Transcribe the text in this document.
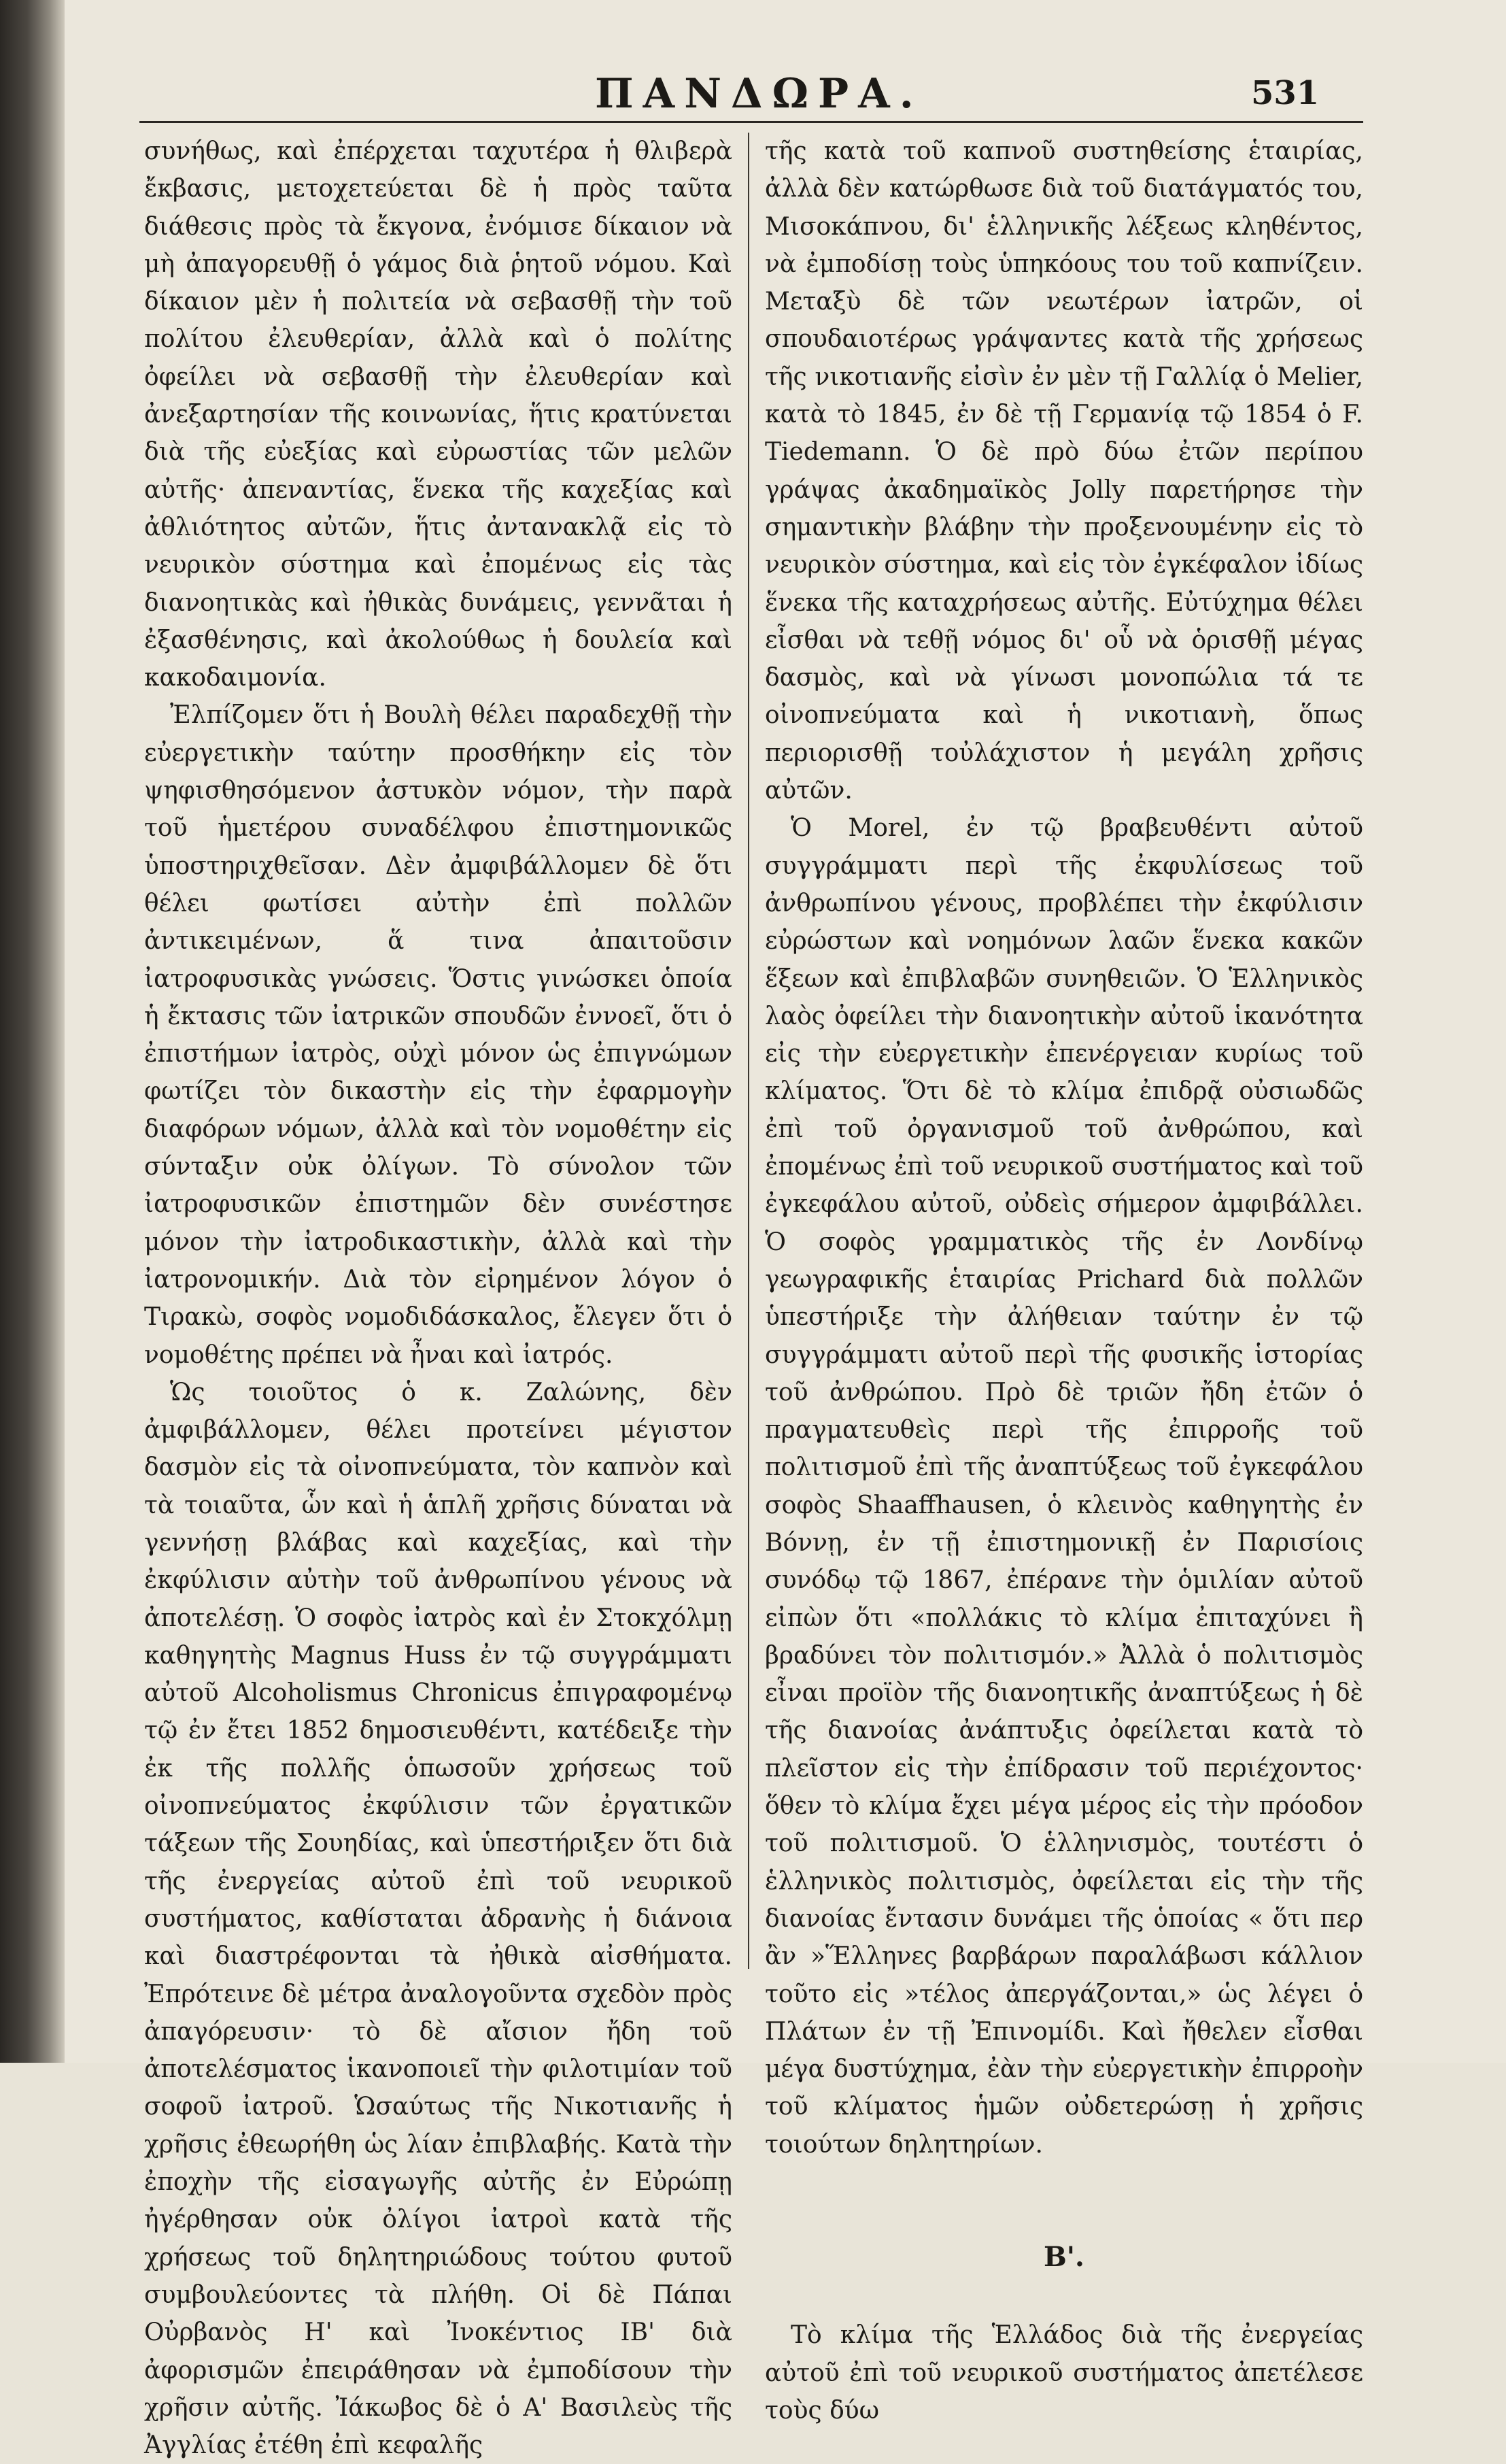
ΠΑΝΔΩΡΑ.	531

συνήθως, καὶ ἐπέρχεται ταχυτέρα ἡ θλιβερὰ ἔκβασις, μετοχετεύεται δὲ ἡ πρὸς ταῦτα διάθεσις πρὸς τὰ ἔκγονα, ἐνόμισε δίκαιον νὰ μὴ ἀπαγορευθῇ ὁ γάμος διὰ ῥητοῦ νόμου. Καὶ δίκαιον μὲν ἡ πολιτεία νὰ σεβασθῇ τὴν τοῦ πολίτου ἐλευθερίαν, ἀλλὰ καὶ ὁ πολίτης ὀφείλει νὰ σεβασθῇ τὴν ἐλευθερίαν καὶ ἀνεξαρτησίαν τῆς κοινωνίας, ἥτις κρατύνεται διὰ τῆς εὐεξίας καὶ εὐρωστίας τῶν μελῶν αὐτῆς· ἀπεναντίας, ἕνεκα τῆς καχεξίας καὶ ἀθλιότητος αὐτῶν, ἥτις ἀντανακλᾷ εἰς τὸ νευρικὸν σύστημα καὶ ἐπομένως εἰς τὰς διανοητικὰς καὶ ἠθικὰς δυνάμεις, γεννᾶται ἡ ἐξασθένησις, καὶ ἀκολούθως ἡ δουλεία καὶ κακοδαιμονία.

Ἐλπίζομεν ὅτι ἡ Βουλὴ θέλει παραδεχθῇ τὴν εὐεργετικὴν ταύτην προσθήκην εἰς τὸν ψηφισθησόμενον ἀστυκὸν νόμον, τὴν παρὰ τοῦ ἡμετέρου συναδέλφου ἐπιστημονικῶς ὑποστηριχθεῖσαν. Δὲν ἀμφιβάλλομεν δὲ ὅτι θέλει φωτίσει αὐτὴν ἐπὶ πολλῶν ἀντικειμένων, ἅ τινα ἀπαιτοῦσιν ἰατροφυσικὰς γνώσεις. Ὅστις γινώσκει ὁποία ἡ ἔκτασις τῶν ἰατρικῶν σπουδῶν ἐννοεῖ, ὅτι ὁ ἐπιστήμων ἰατρὸς, οὐχὶ μόνον ὡς ἐπιγνώμων φωτίζει τὸν δικαστὴν εἰς τὴν ἐφαρμογὴν διαφόρων νόμων, ἀλλὰ καὶ τὸν νομοθέτην εἰς σύνταξιν οὐκ ὀλίγων. Τὸ σύνολον τῶν ἰατροφυσικῶν ἐπιστημῶν δὲν συνέστησε μόνον τὴν ἰατροδικαστικὴν, ἀλλὰ καὶ τὴν ἰατρονομικήν. Διὰ τὸν εἰρημένον λόγον ὁ Τιρακὼ, σοφὸς νομοδιδάσκαλος, ἔλεγεν ὅτι ὁ νομοθέτης πρέπει νὰ ἦναι καὶ ἰατρός.

Ὡς τοιοῦτος ὁ κ. Ζαλώνης, δὲν ἀμφιβάλλομεν, θέλει προτείνει μέγιστον δασμὸν εἰς τὰ οἰνοπνεύματα, τὸν καπνὸν καὶ τὰ τοιαῦτα, ὧν καὶ ἡ ἁπλῆ χρῆσις δύναται νὰ γεννήσῃ βλάβας καὶ καχεξίας, καὶ τὴν ἐκφύλισιν αὐτὴν τοῦ ἀνθρωπίνου γένους νὰ ἀποτελέσῃ. Ὁ σοφὸς ἰατρὸς καὶ ἐν Στοκχόλμῃ καθηγητὴς Magnus Huss ἐν τῷ συγγράμματι αὐτοῦ Alcoholismus Chronicus ἐπιγραφομένῳ τῷ ἐν ἔτει 1852 δημοσιευθέντι, κατέδειξε τὴν ἐκ τῆς πολλῆς ὁπωσοῦν χρήσεως τοῦ οἰνοπνεύματος ἐκφύλισιν τῶν ἐργατικῶν τάξεων τῆς Σουηδίας, καὶ ὑπεστήριξεν ὅτι διὰ τῆς ἐνεργείας αὐτοῦ ἐπὶ τοῦ νευρικοῦ συστήματος, καθίσταται ἀδρανὴς ἡ διάνοια καὶ διαστρέφονται τὰ ἠθικὰ αἰσθήματα. Ἐπρότεινε δὲ μέτρα ἀναλογοῦντα σχεδὸν πρὸς ἀπαγόρευσιν· τὸ δὲ αἴσιον ἤδη τοῦ ἀποτελέσματος ἱκανοποιεῖ τὴν φιλοτιμίαν τοῦ σοφοῦ ἰατροῦ. Ὡσαύτως τῆς Νικοτιανῆς ἡ χρῆσις ἐθεωρήθη ὡς λίαν ἐπιβλαβής. Κατὰ τὴν ἐποχὴν τῆς εἰσαγωγῆς αὐτῆς ἐν Εὐρώπῃ ἠγέρθησαν οὐκ ὀλίγοι ἰατροὶ κατὰ τῆς χρήσεως τοῦ δηλητηριώδους τούτου φυτοῦ συμβουλεύοντες τὰ πλήθη. Οἱ δὲ Πάπαι Οὐρβανὸς Η' καὶ Ἰνοκέντιος ΙΒ' διὰ ἀφορισμῶν ἐπειράθησαν νὰ ἐμποδίσουν τὴν χρῆσιν αὐτῆς. Ἰάκωβος δὲ ὁ Α' Βασιλεὺς τῆς Ἀγγλίας ἐτέθη ἐπὶ κεφαλῆς

τῆς κατὰ τοῦ καπνοῦ συστηθείσης ἑταιρίας, ἀλλὰ δὲν κατώρθωσε διὰ τοῦ διατάγματός του, Μισοκάπνου, δι' ἑλληνικῆς λέξεως κληθέντος, νὰ ἐμποδίσῃ τοὺς ὑπηκόους του τοῦ καπνίζειν. Μεταξὺ δὲ τῶν νεωτέρων ἰατρῶν, οἱ σπουδαιοτέρως γράψαντες κατὰ τῆς χρήσεως τῆς νικοτιανῆς εἰσὶν ἐν μὲν τῇ Γαλλίᾳ ὁ Melier, κατὰ τὸ 1845, ἐν δὲ τῇ Γερμανίᾳ τῷ 1854 ὁ F. Tiedemann. Ὁ δὲ πρὸ δύω ἐτῶν περίπου γράψας ἀκαδημαϊκὸς Jolly παρετήρησε τὴν σημαντικὴν βλάβην τὴν προξενουμένην εἰς τὸ νευρικὸν σύστημα, καὶ εἰς τὸν ἐγκέφαλον ἰδίως ἕνεκα τῆς καταχρήσεως αὐτῆς. Εὐτύχημα θέλει εἶσθαι νὰ τεθῇ νόμος δι' οὗ νὰ ὁρισθῇ μέγας δασμὸς, καὶ νὰ γίνωσι μονοπώλια τά τε οἰνοπνεύματα καὶ ἡ νικοτιανὴ, ὅπως περιορισθῇ τοὐλάχιστον ἡ μεγάλη χρῆσις αὐτῶν.

Ὁ Morel, ἐν τῷ βραβευθέντι αὐτοῦ συγγράμματι περὶ τῆς ἐκφυλίσεως τοῦ ἀνθρωπίνου γένους, προβλέπει τὴν ἐκφύλισιν εὐρώστων καὶ νοημόνων λαῶν ἕνεκα κακῶν ἕξεων καὶ ἐπιβλαβῶν συνηθειῶν. Ὁ Ἑλληνικὸς λαὸς ὀφείλει τὴν διανοητικὴν αὐτοῦ ἱκανότητα εἰς τὴν εὐεργετικὴν ἐπενέργειαν κυρίως τοῦ κλίματος. Ὅτι δὲ τὸ κλίμα ἐπιδρᾷ οὐσιωδῶς ἐπὶ τοῦ ὀργανισμοῦ τοῦ ἀνθρώπου, καὶ ἐπομένως ἐπὶ τοῦ νευρικοῦ συστήματος καὶ τοῦ ἐγκεφάλου αὐτοῦ, οὐδεὶς σήμερον ἀμφιβάλλει. Ὁ σοφὸς γραμματικὸς τῆς ἐν Λονδίνῳ γεωγραφικῆς ἑταιρίας Prichard διὰ πολλῶν ὑπεστήριξε τὴν ἀλήθειαν ταύτην ἐν τῷ συγγράμματι αὐτοῦ περὶ τῆς φυσικῆς ἱστορίας τοῦ ἀνθρώπου. Πρὸ δὲ τριῶν ἤδη ἐτῶν ὁ πραγματευθεὶς περὶ τῆς ἐπιρροῆς τοῦ πολιτισμοῦ ἐπὶ τῆς ἀναπτύξεως τοῦ ἐγκεφάλου σοφὸς Shaaffhausen, ὁ κλεινὸς καθηγητὴς ἐν Βόννῃ, ἐν τῇ ἐπιστημονικῇ ἐν Παρισίοις συνόδῳ τῷ 1867, ἐπέρανε τὴν ὁμιλίαν αὐτοῦ εἰπὼν ὅτι «πολλάκις τὸ κλίμα ἐπιταχύνει ἢ βραδύνει τὸν πολιτισμόν.» Ἀλλὰ ὁ πολιτισμὸς εἶναι προϊὸν τῆς διανοητικῆς ἀναπτύξεως ἡ δὲ τῆς διανοίας ἀνάπτυξις ὀφείλεται κατὰ τὸ πλεῖστον εἰς τὴν ἐπίδρασιν τοῦ περιέχοντος· ὅθεν τὸ κλίμα ἔχει μέγα μέρος εἰς τὴν πρόοδον τοῦ πολιτισμοῦ. Ὁ ἑλληνισμὸς, τουτέστι ὁ ἑλληνικὸς πολιτισμὸς, ὀφείλεται εἰς τὴν τῆς διανοίας ἔντασιν δυνάμει τῆς ὁποίας « ὅτι περ ἂν »Ἕλληνες βαρβάρων παραλάβωσι κάλλιον τοῦτο εἰς »τέλος ἀπεργάζονται,» ὡς λέγει ὁ Πλάτων ἐν τῇ Ἐπινομίδι. Καὶ ἤθελεν εἶσθαι μέγα δυστύχημα, ἐὰν τὴν εὐεργετικὴν ἐπιρροὴν τοῦ κλίματος ἡμῶν οὐδετερώσῃ ἡ χρῆσις τοιούτων δηλητηρίων.

Β'.

Τὸ κλίμα τῆς Ἑλλάδος διὰ τῆς ἐνεργείας αὐτοῦ ἐπὶ τοῦ νευρικοῦ συστήματος ἀπετέλεσε τοὺς δύω
